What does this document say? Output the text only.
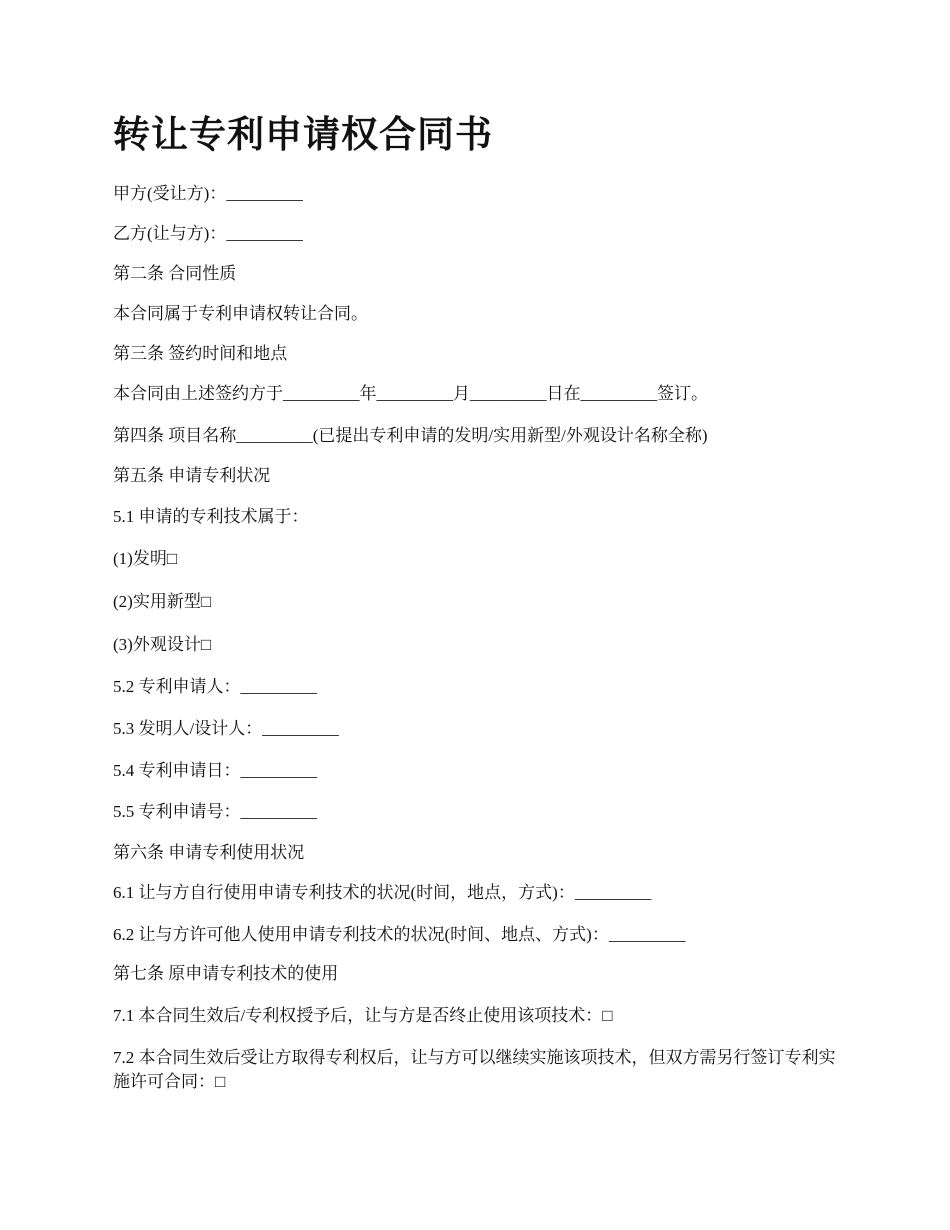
转让专利申请权合同书

甲方(受让方)：_________

乙方(让与方)：_________

第二条 合同性质

本合同属于专利申请权转让合同。

第三条 签约时间和地点

本合同由上述签约方于_________年_________月_________日在_________签订。

第四条 项目名称_________(已提出专利申请的发明/实用新型/外观设计名称全称)

第五条 申请专利状况

5.1 申请的专利技术属于：

(1)发明□

(2)实用新型□

(3)外观设计□

5.2 专利申请人：_________

5.3 发明人/设计人：_________

5.4 专利申请日：_________

5.5 专利申请号：_________

第六条 申请专利使用状况

6.1 让与方自行使用申请专利技术的状况(时间，地点，方式)：_________

6.2 让与方许可他人使用申请专利技术的状况(时间、地点、方式)：_________

第七条 原申请专利技术的使用

7.1 本合同生效后/专利权授予后，让与方是否终止使用该项技术：□

7.2 本合同生效后受让方取得专利权后，让与方可以继续实施该项技术，但双方需另行签订专利实施许可合同：□
